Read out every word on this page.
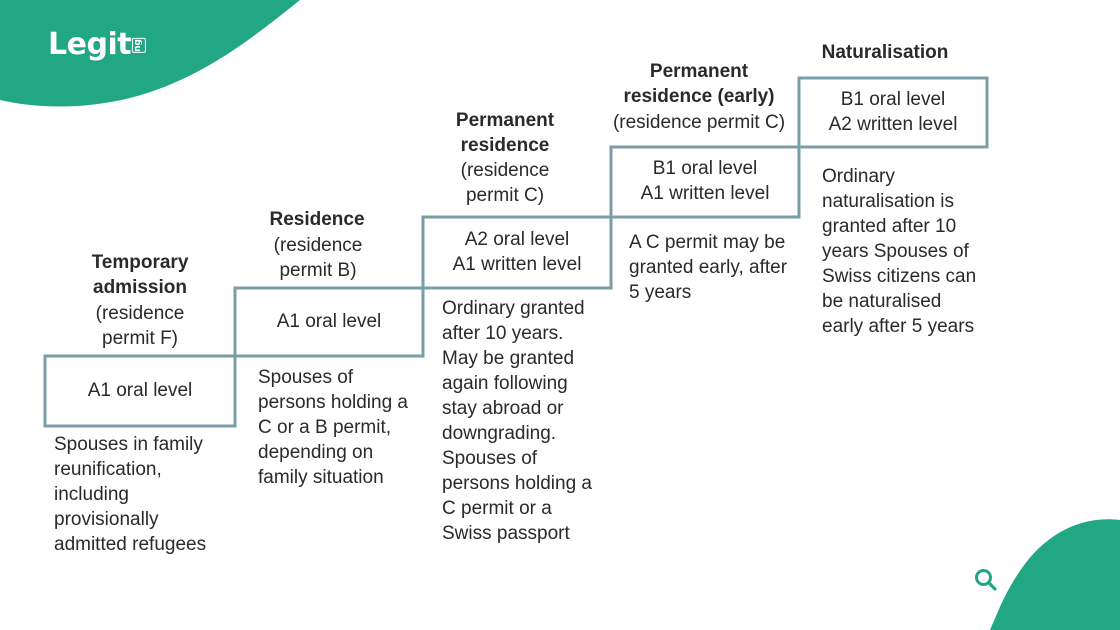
Legit ng
Temporary admission
(residence permit F)
A1 oral level
Spouses in family reunification, including provisionally admitted refugees
Residence
(residence permit B)
A1 oral level
Spouses of persons holding a C or a B permit, depending on family situation
Permanent residence
(residence permit C)
A2 oral level
A1 written level
Ordinary granted after 10 years. May be granted again following stay abroad or downgrading. Spouses of persons holding a C permit or a Swiss passport
Permanent residence (early)
(residence permit C)
B1 oral level
A1 written level
A C permit may be granted early, after 5 years
Naturalisation
B1 oral level
A2 written level
Ordinary naturalisation is granted after 10 years Spouses of Swiss citizens can be naturalised early after 5 years
